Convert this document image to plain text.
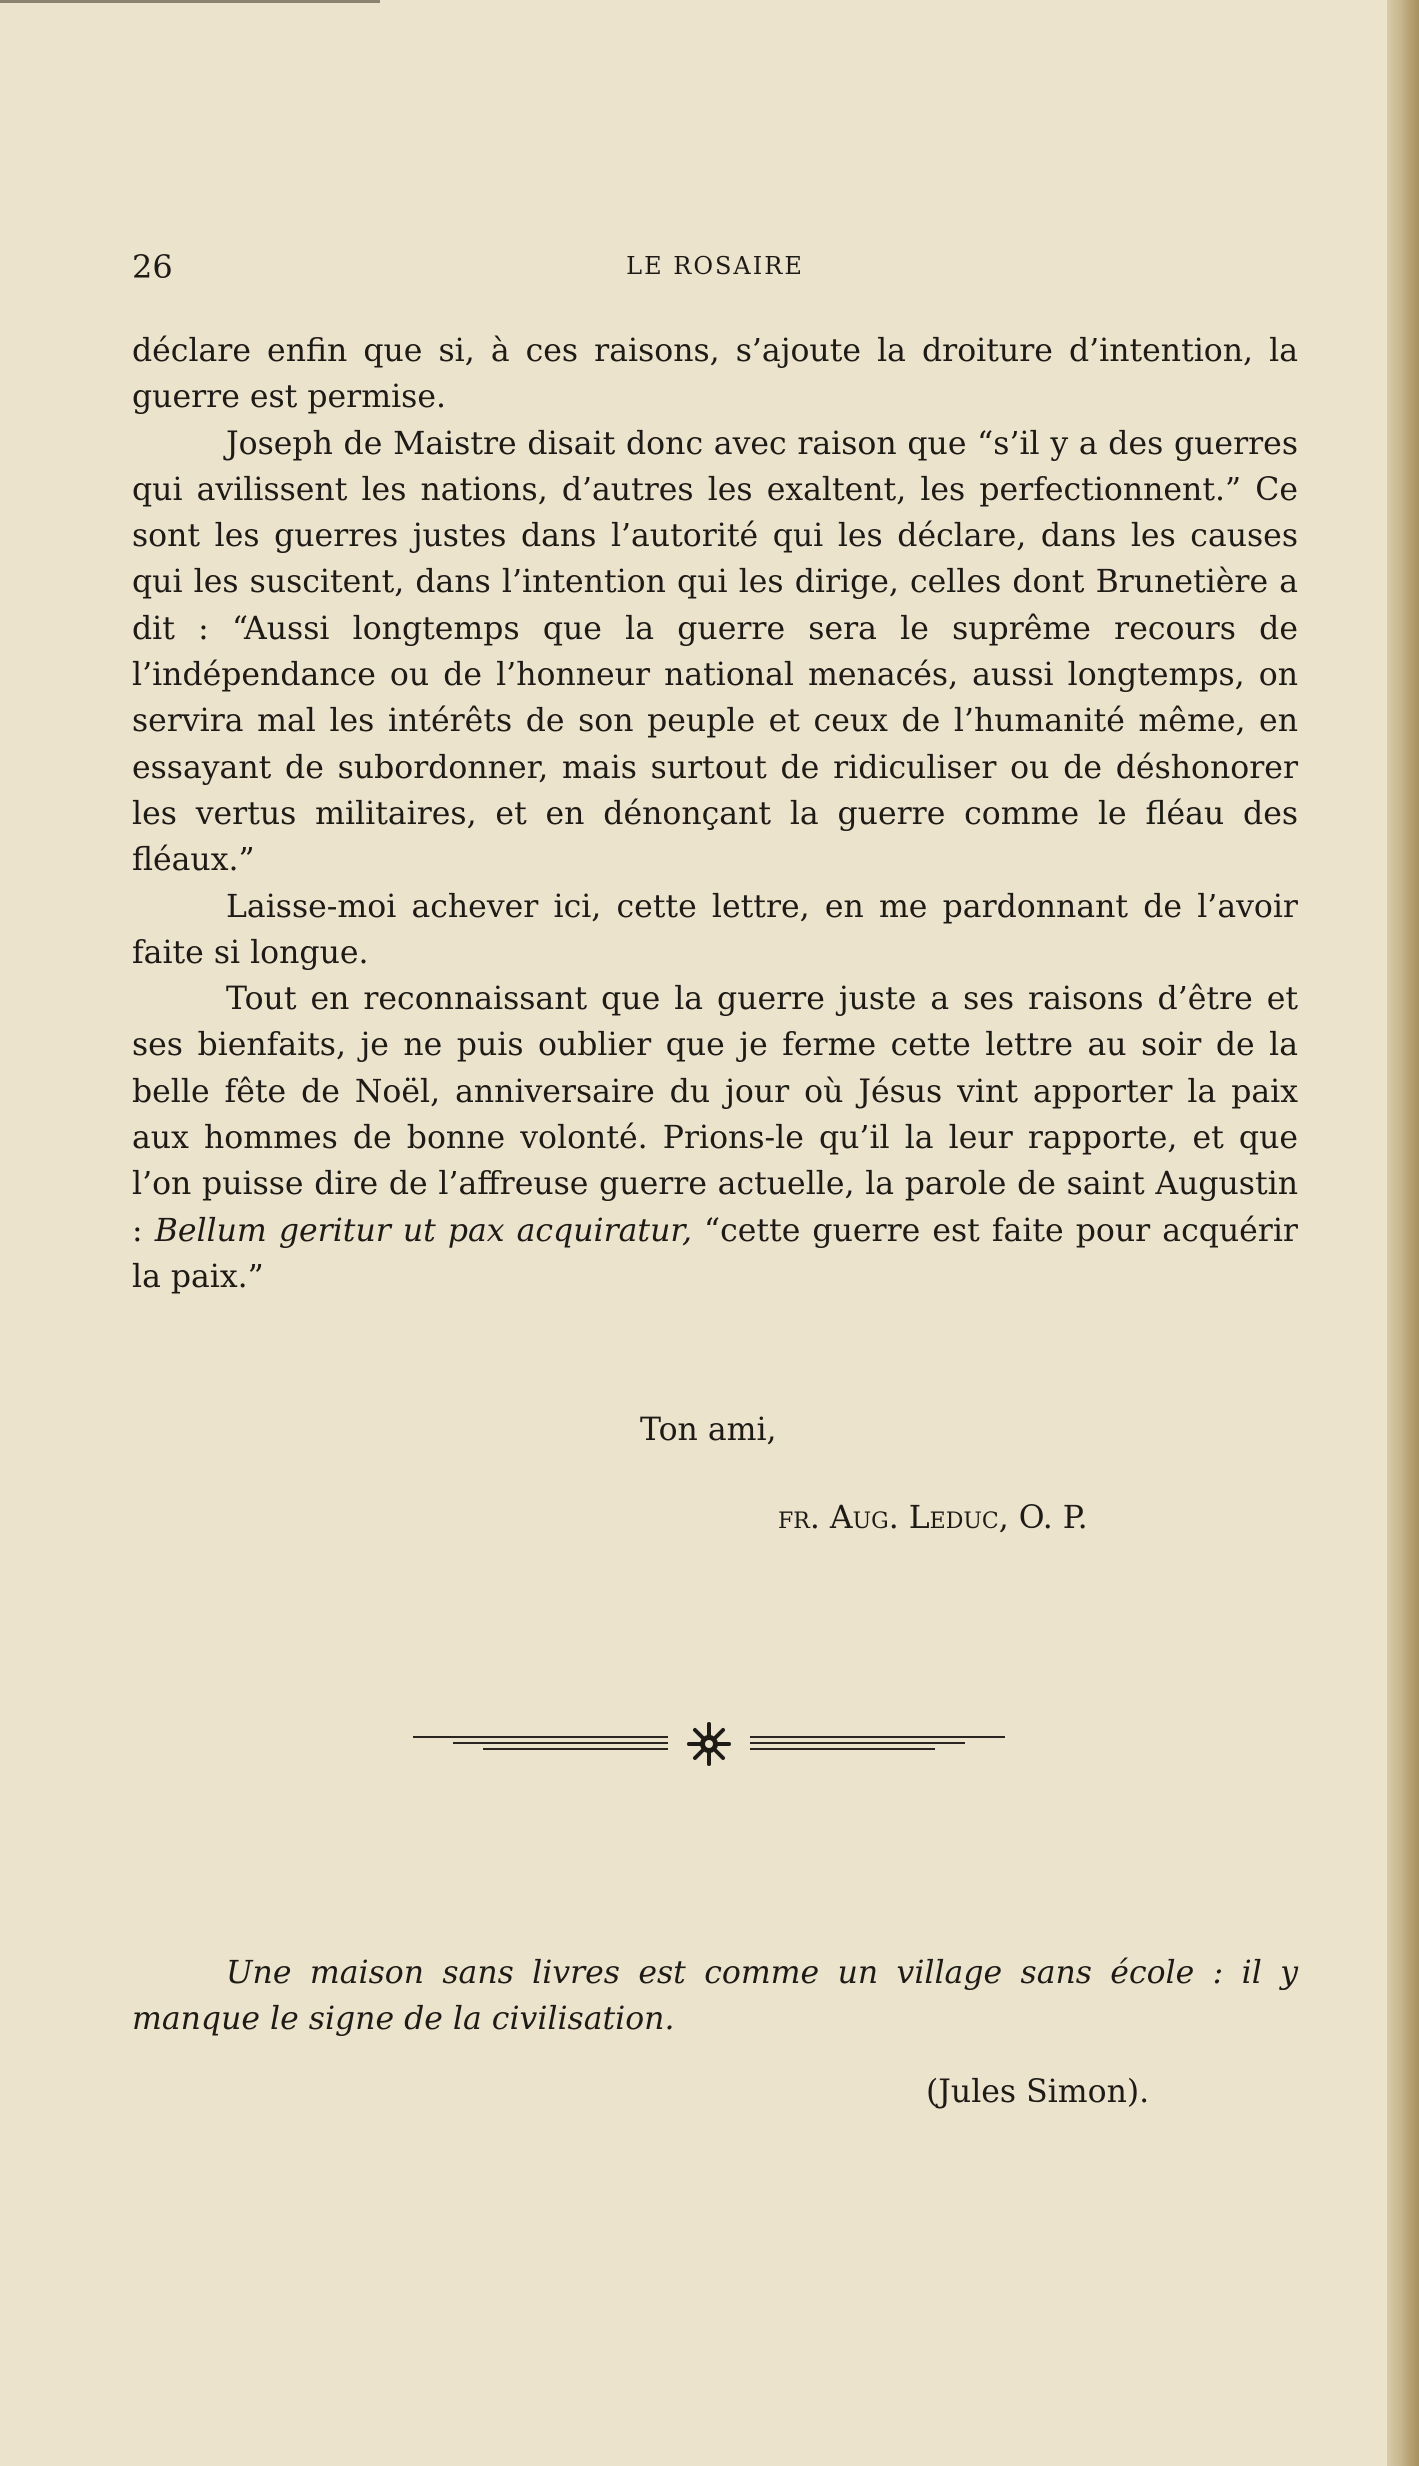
26	LE ROSAIRE

déclare enfin que si, à ces raisons, s’ajoute la droiture d’intention, la guerre est permise.

Joseph de Maistre disait donc avec raison que “s’il y a des guerres qui avilissent les nations, d’autres les exaltent, les perfectionnent.” Ce sont les guerres justes dans l’autorité qui les déclare, dans les causes qui les suscitent, dans l’intention qui les dirige, celles dont Brunetière a dit : “Aussi longtemps que la guerre sera le suprême recours de l’indépendance ou de l’honneur national menacés, aussi longtemps, on servira mal les intérêts de son peuple et ceux de l’humanité même, en essayant de subordonner, mais surtout de ridiculiser ou de déshonorer les vertus militaires, et en dénonçant la guerre comme le fléau des fléaux.”

Laisse-moi achever ici, cette lettre, en me pardonnant de l’avoir faite si longue.

Tout en reconnaissant que la guerre juste a ses raisons d’être et ses bienfaits, je ne puis oublier que je ferme cette lettre au soir de la belle fête de Noël, anniversaire du jour où Jésus vint apporter la paix aux hommes de bonne volonté. Prions-le qu’il la leur rapporte, et que l’on puisse dire de l’affreuse guerre actuelle, la parole de saint Augustin : Bellum geritur ut pax acquiratur, “cette guerre est faite pour acquérir la paix.”

Ton ami,
fr. Aug. Leduc, O. P.
Une maison sans livres est comme un village sans école : il y manque le signe de la civilisation.
(Jules Simon).
